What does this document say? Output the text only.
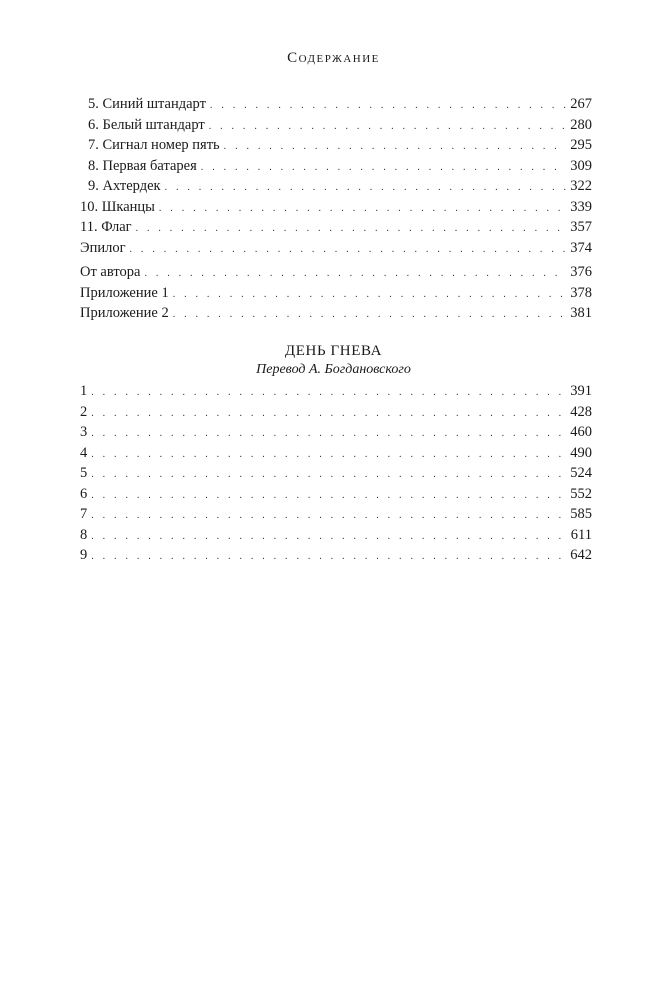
Содержание
5. Синий штандарт . . .	267
6. Белый штандарт . . .	280
7. Сигнал номер пять . . .	295
8. Первая батарея . . .	309
9. Ахтердек . . .	322
10. Шканцы . . .	339
11. Флаг . . .	357
Эпилог . . .	374
От автора . . .	376
Приложение 1 . . .	378
Приложение 2 . . .	381
ДЕНЬ ГНЕВА
Перевод А. Богдановского
1 . . .	391
2 . . .	428
3 . . .	460
4 . . .	490
5 . . .	524
6 . . .	552
7 . . .	585
8 . . .	611
9 . . .	642
